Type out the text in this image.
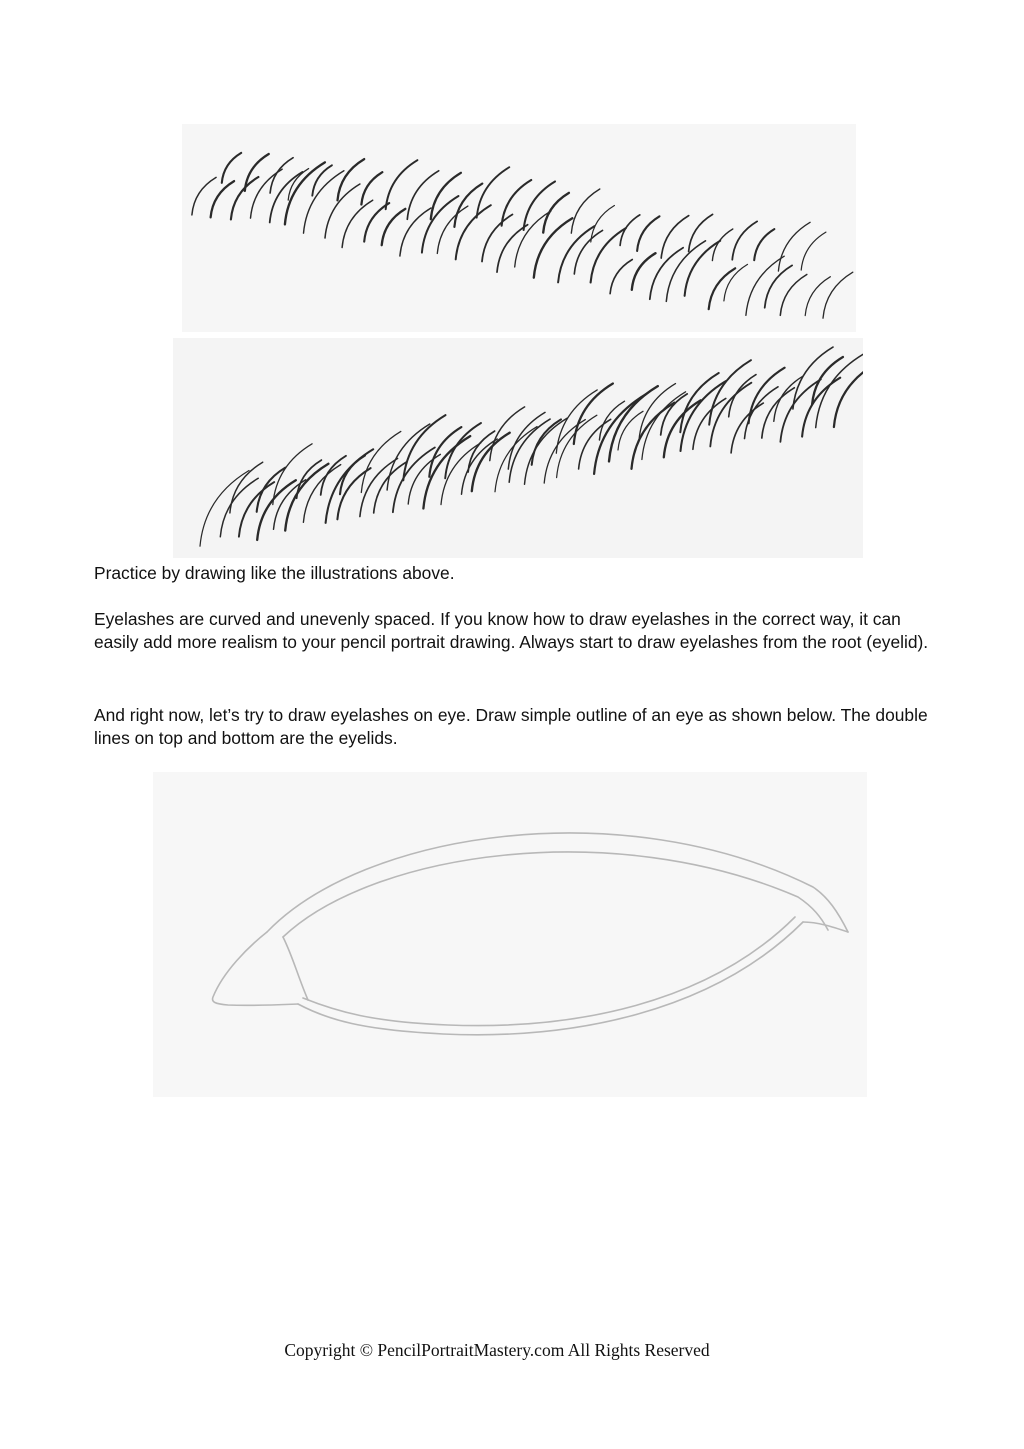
Practice by drawing like the illustrations above.

Eyelashes are curved and unevenly spaced. If you know how to draw eyelashes in the correct way, it can easily add more realism to your pencil portrait drawing. Always start to draw eyelashes from the root (eyelid).

And right now, let’s try to draw eyelashes on eye. Draw simple outline of an eye as shown below. The double lines on top and bottom are the eyelids.

Copyright © PencilPortraitMastery.com All Rights Reserved
